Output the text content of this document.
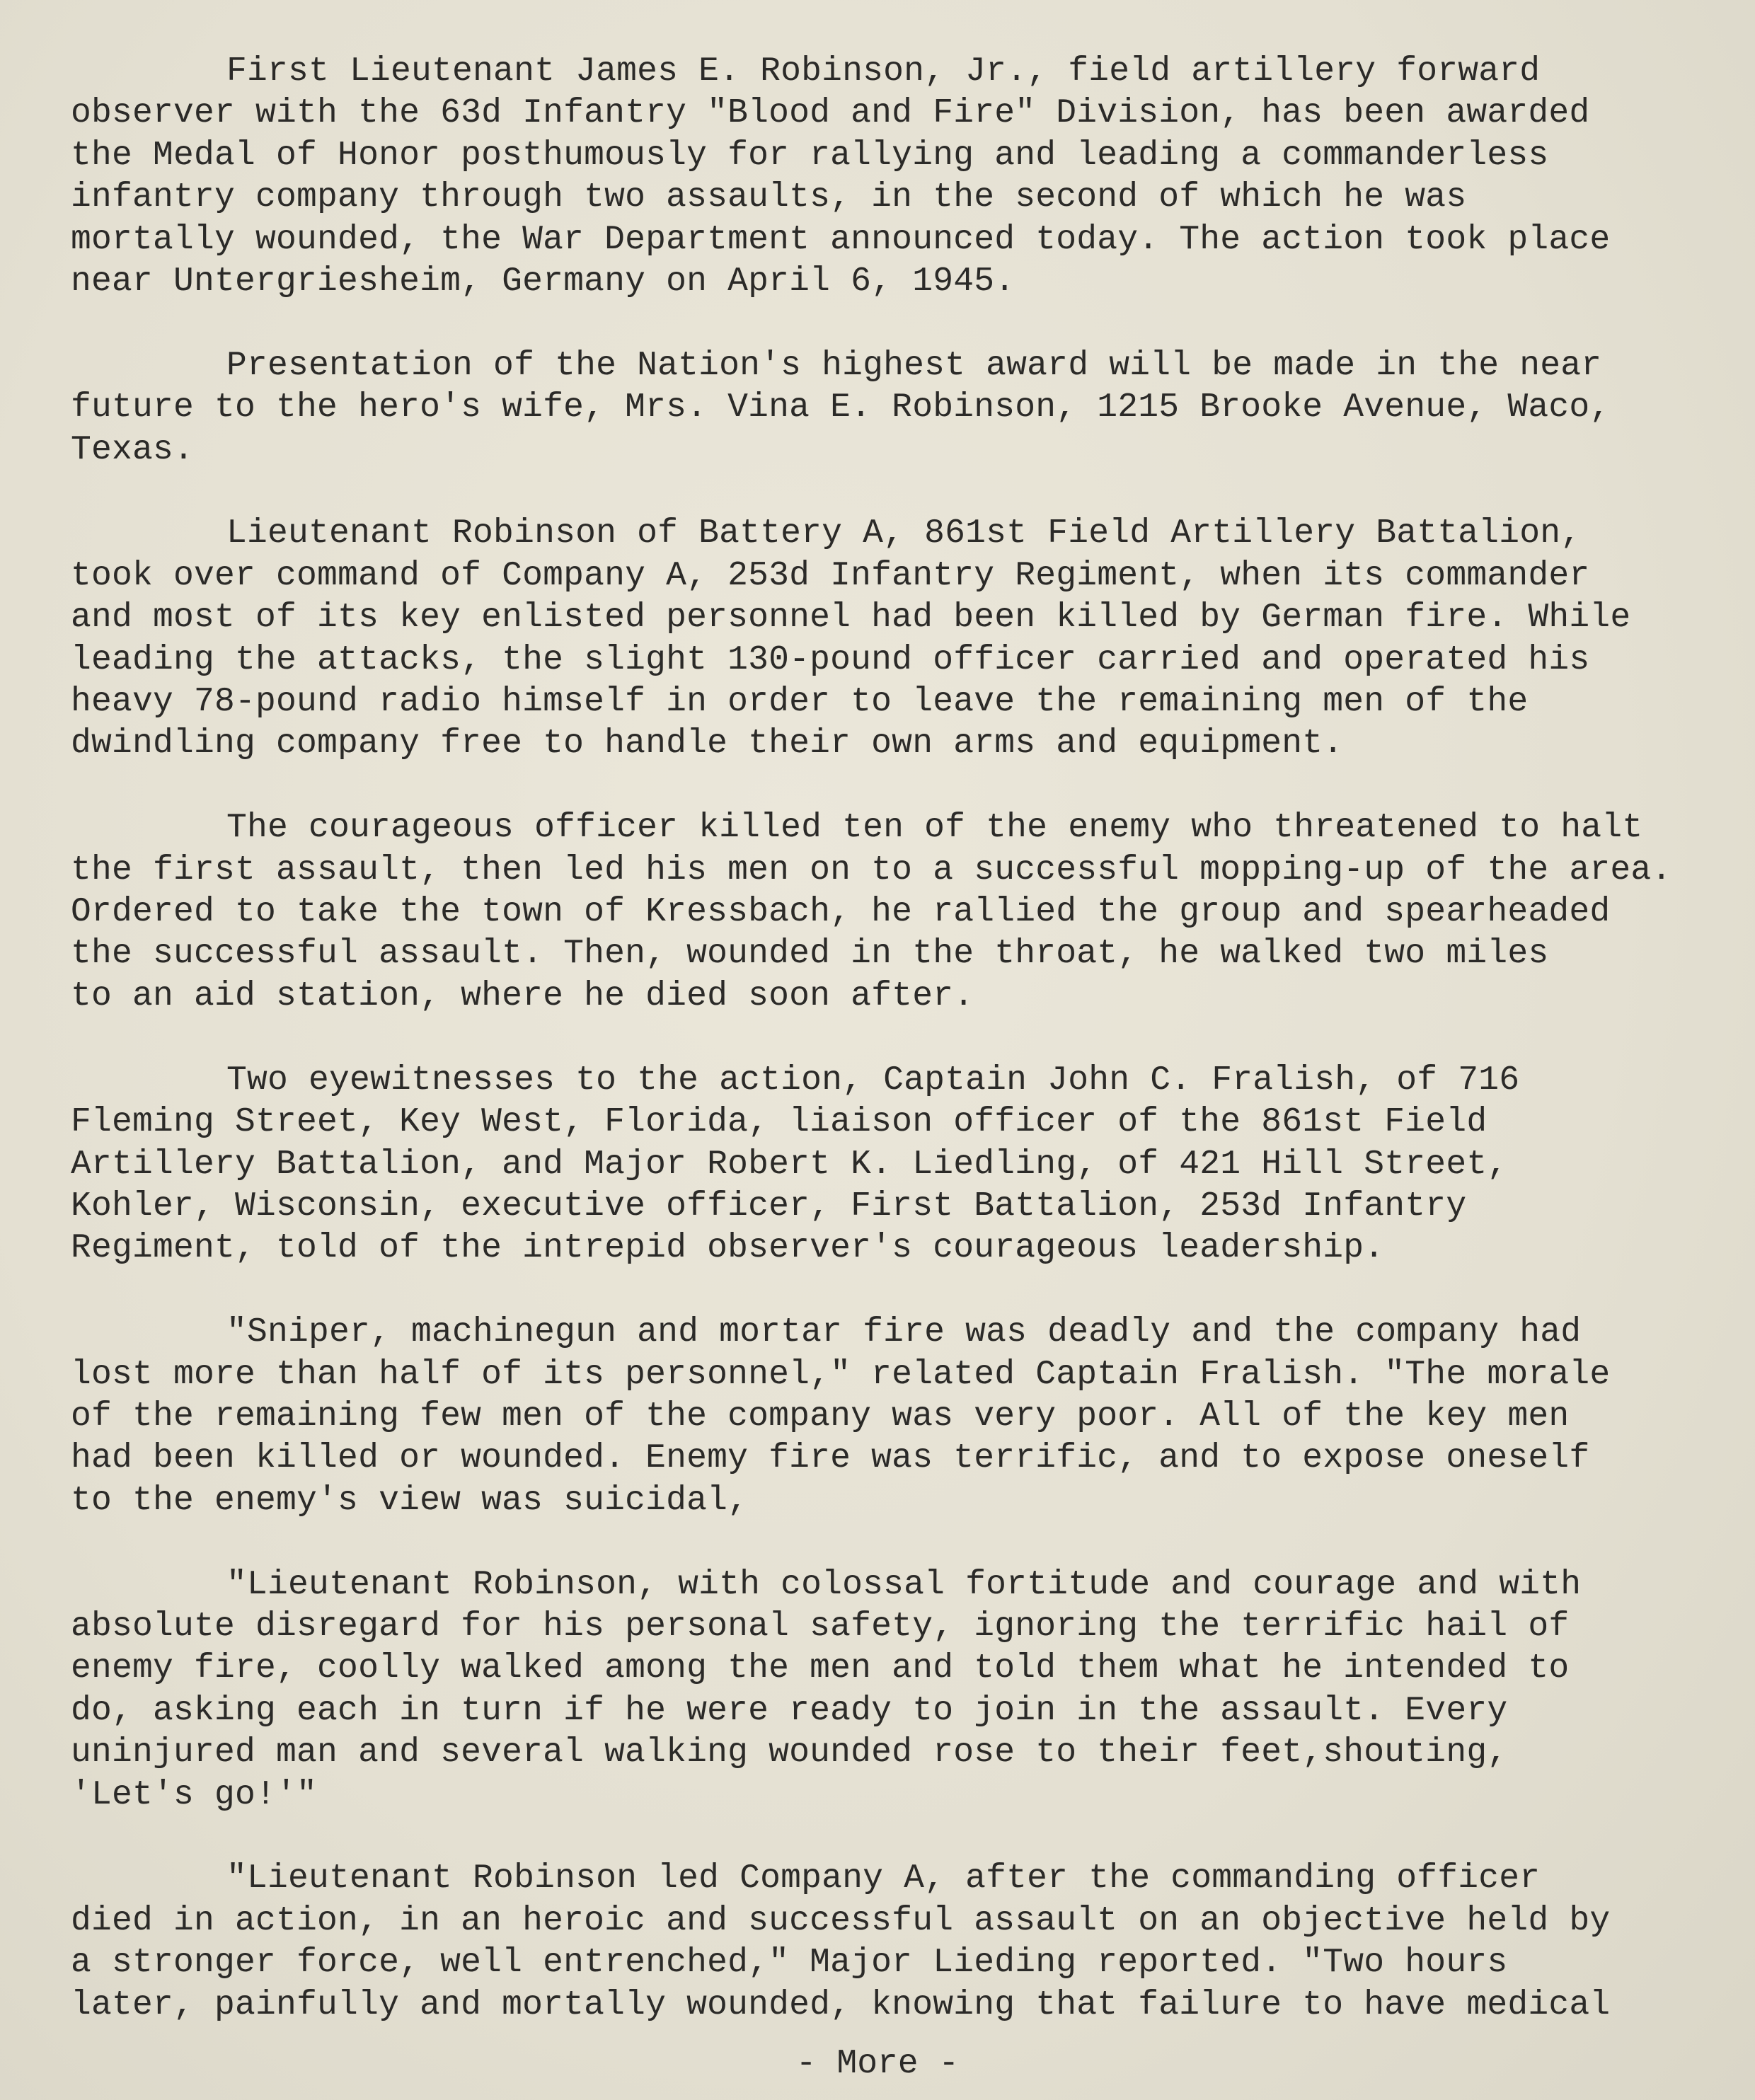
First Lieutenant James E. Robinson, Jr., field artillery forward
observer with the 63d Infantry "Blood and Fire" Division, has been awarded
the Medal of Honor posthumously for rallying and leading a commanderless
infantry company through two assaults, in the second of which he was
mortally wounded, the War Department announced today. The action took place
near Untergriesheim, Germany on April 6, 1945.

Presentation of the Nation's highest award will be made in the near
future to the hero's wife, Mrs. Vina E. Robinson, 1215 Brooke Avenue, Waco,
Texas.

Lieutenant Robinson of Battery A, 861st Field Artillery Battalion,
took over command of Company A, 253d Infantry Regiment, when its commander
and most of its key enlisted personnel had been killed by German fire. While
leading the attacks, the slight 130-pound officer carried and operated his
heavy 78-pound radio himself in order to leave the remaining men of the
dwindling company free to handle their own arms and equipment.

The courageous officer killed ten of the enemy who threatened to halt
the first assault, then led his men on to a successful mopping-up of the area.
Ordered to take the town of Kressbach, he rallied the group and spearheaded
the successful assault. Then, wounded in the throat, he walked two miles
to an aid station, where he died soon after.

Two eyewitnesses to the action, Captain John C. Fralish, of 716
Fleming Street, Key West, Florida, liaison officer of the 861st Field
Artillery Battalion, and Major Robert K. Liedling, of 421 Hill Street,
Kohler, Wisconsin, executive officer, First Battalion, 253d Infantry
Regiment, told of the intrepid observer's courageous leadership.

"Sniper, machinegun and mortar fire was deadly and the company had
lost more than half of its personnel," related Captain Fralish. "The morale
of the remaining few men of the company was very poor. All of the key men
had been killed or wounded. Enemy fire was terrific, and to expose oneself
to the enemy's view was suicidal,

"Lieutenant Robinson, with colossal fortitude and courage and with
absolute disregard for his personal safety, ignoring the terrific hail of
enemy fire, coolly walked among the men and told them what he intended to
do, asking each in turn if he were ready to join in the assault. Every
uninjured man and several walking wounded rose to their feet,shouting,
'Let's go!'"

"Lieutenant Robinson led Company A, after the commanding officer
died in action, in an heroic and successful assault on an objective held by
a stronger force, well entrenched," Major Lieding reported. "Two hours
later, painfully and mortally wounded, knowing that failure to have medical

- More -
